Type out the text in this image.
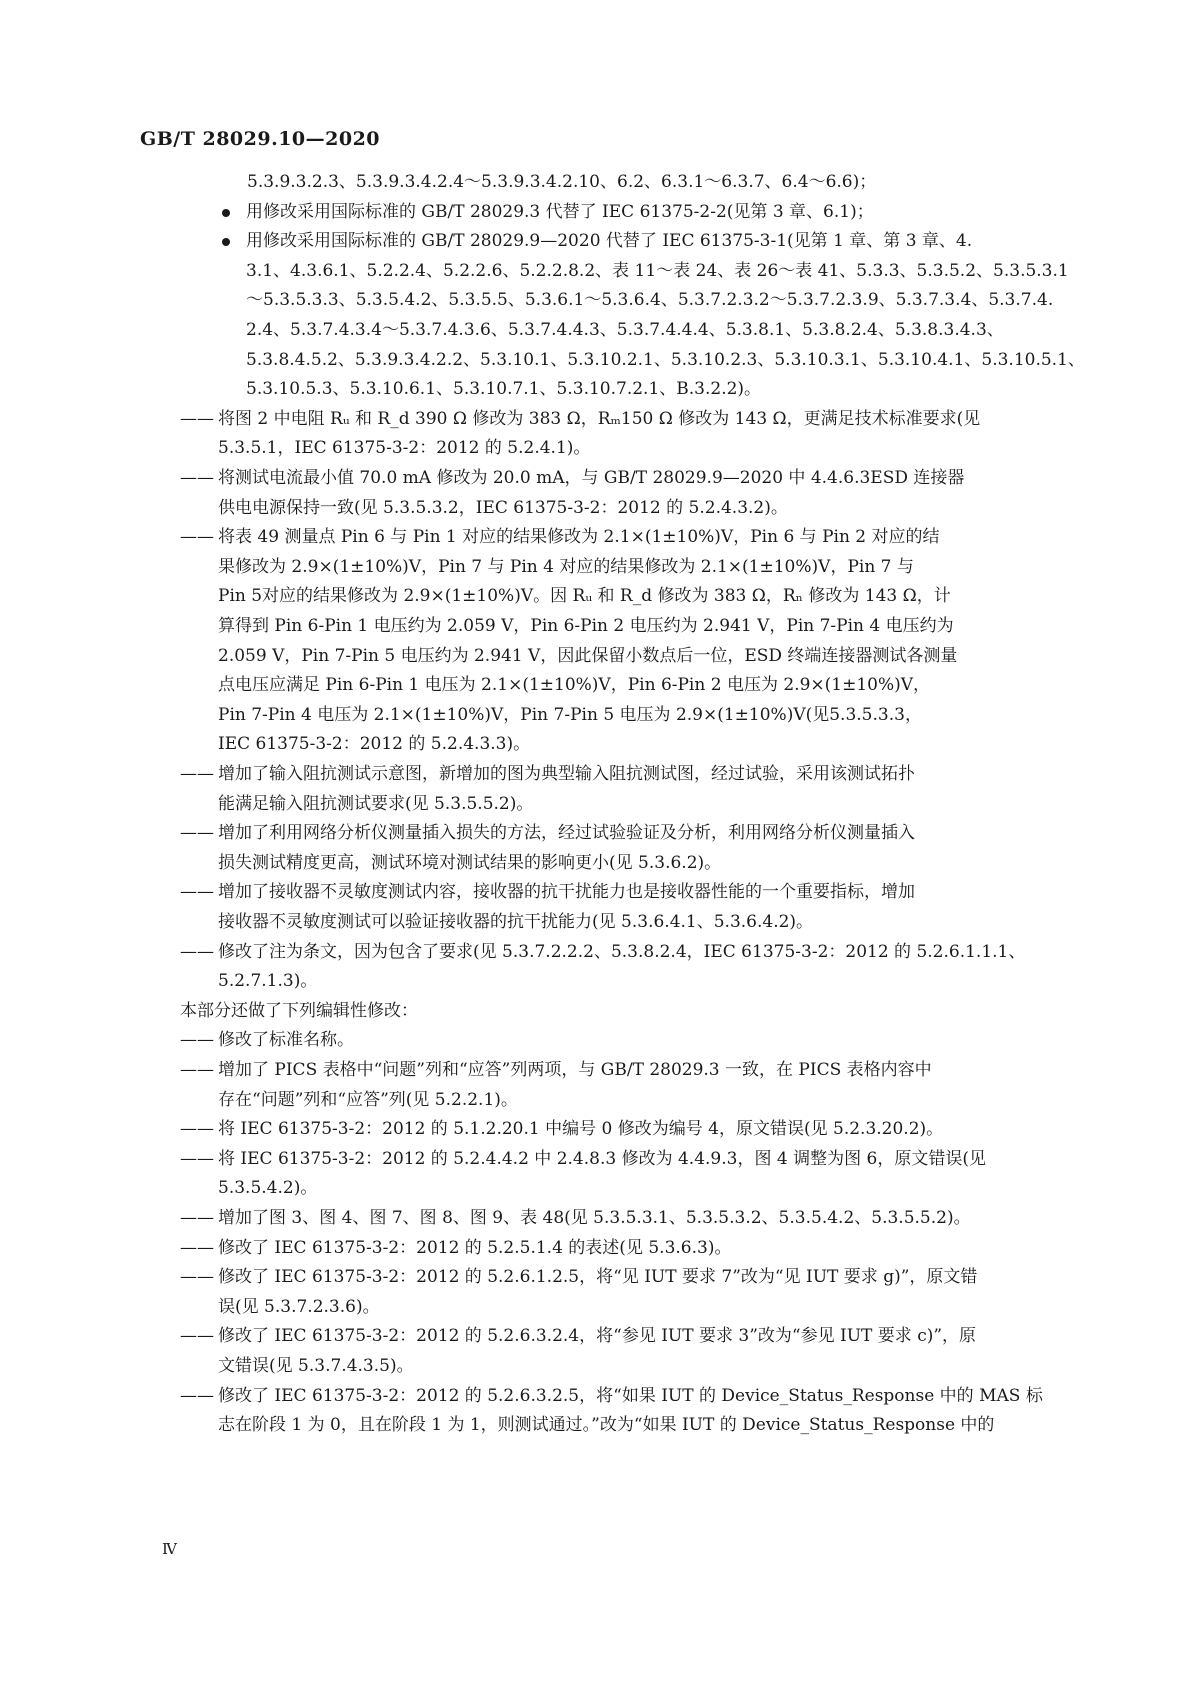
GB/T 28029.10—2020
5.3.9.3.2.3、5.3.9.3.4.2.4～5.3.9.3.4.2.10、6.2、6.3.1～6.3.7、6.4～6.6)；
用修改采用国际标准的 GB/T 28029.3 代替了 IEC 61375-2-2(见第 3 章、6.1)；
用修改采用国际标准的 GB/T 28029.9—2020 代替了 IEC 61375-3-1(见第 1 章、第 3 章、4.
3.1、4.3.6.1、5.2.2.4、5.2.2.6、5.2.2.8.2、表 11～表 24、表 26～表 41、5.3.3、5.3.5.2、5.3.5.3.1
～5.3.5.3.3、5.3.5.4.2、5.3.5.5、5.3.6.1～5.3.6.4、5.3.7.2.3.2～5.3.7.2.3.9、5.3.7.3.4、5.3.7.4.
2.4、5.3.7.4.3.4～5.3.7.4.3.6、5.3.7.4.4.3、5.3.7.4.4.4、5.3.8.1、5.3.8.2.4、5.3.8.3.4.3、
5.3.8.4.5.2、5.3.9.3.4.2.2、5.3.10.1、5.3.10.2.1、5.3.10.2.3、5.3.10.3.1、5.3.10.4.1、5.3.10.5.1、
5.3.10.5.3、5.3.10.6.1、5.3.10.7.1、5.3.10.7.2.1、B.3.2.2)。
—— 将图 2 中电阻 Rᵤ 和 R_d 390 Ω 修改为 383 Ω，Rₘ150 Ω 修改为 143 Ω，更满足技术标准要求(见
5.3.5.1，IEC 61375-3-2：2012 的 5.2.4.1)。
—— 将测试电流最小值 70.0 mA 修改为 20.0 mA，与 GB/T 28029.9—2020 中 4.4.6.3ESD 连接器
供电电源保持一致(见 5.3.5.3.2，IEC 61375-3-2：2012 的 5.2.4.3.2)。
—— 将表 49 测量点 Pin 6 与 Pin 1 对应的结果修改为 2.1×(1±10%)V，Pin 6 与 Pin 2 对应的结
果修改为 2.9×(1±10%)V，Pin 7 与 Pin 4 对应的结果修改为 2.1×(1±10%)V，Pin 7 与
Pin 5对应的结果修改为 2.9×(1±10%)V。因 Rᵤ 和 R_d 修改为 383 Ω，Rₙ 修改为 143 Ω，计
算得到 Pin 6-Pin 1 电压约为 2.059 V，Pin 6-Pin 2 电压约为 2.941 V，Pin 7-Pin 4 电压约为
2.059 V，Pin 7-Pin 5 电压约为 2.941 V，因此保留小数点后一位，ESD 终端连接器测试各测量
点电压应满足 Pin 6-Pin 1 电压为 2.1×(1±10%)V，Pin 6-Pin 2 电压为 2.9×(1±10%)V，
Pin 7-Pin 4 电压为 2.1×(1±10%)V，Pin 7-Pin 5 电压为 2.9×(1±10%)V(见5.3.5.3.3，
IEC 61375-3-2：2012 的 5.2.4.3.3)。
—— 增加了输入阻抗测试示意图，新增加的图为典型输入阻抗测试图，经过试验，采用该测试拓扑
能满足输入阻抗测试要求(见 5.3.5.5.2)。
—— 增加了利用网络分析仪测量插入损失的方法，经过试验验证及分析，利用网络分析仪测量插入
损失测试精度更高，测试环境对测试结果的影响更小(见 5.3.6.2)。
—— 增加了接收器不灵敏度测试内容，接收器的抗干扰能力也是接收器性能的一个重要指标，增加
接收器不灵敏度测试可以验证接收器的抗干扰能力(见 5.3.6.4.1、5.3.6.4.2)。
—— 修改了注为条文，因为包含了要求(见 5.3.7.2.2.2、5.3.8.2.4，IEC 61375-3-2：2012 的 5.2.6.1.1.1、
5.2.7.1.3)。
本部分还做了下列编辑性修改：
—— 修改了标准名称。
—— 增加了 PICS 表格中“问题”列和“应答”列两项，与 GB/T 28029.3 一致，在 PICS 表格内容中
存在“问题”列和“应答”列(见 5.2.2.1)。
—— 将 IEC 61375-3-2：2012 的 5.1.2.20.1 中编号 0 修改为编号 4，原文错误(见 5.2.3.20.2)。
—— 将 IEC 61375-3-2：2012 的 5.2.4.4.2 中 2.4.8.3 修改为 4.4.9.3，图 4 调整为图 6，原文错误(见
5.3.5.4.2)。
—— 增加了图 3、图 4、图 7、图 8、图 9、表 48(见 5.3.5.3.1、5.3.5.3.2、5.3.5.4.2、5.3.5.5.2)。
—— 修改了 IEC 61375-3-2：2012 的 5.2.5.1.4 的表述(见 5.3.6.3)。
—— 修改了 IEC 61375-3-2：2012 的 5.2.6.1.2.5，将“见 IUT 要求 7”改为“见 IUT 要求 g)”，原文错
误(见 5.3.7.2.3.6)。
—— 修改了 IEC 61375-3-2：2012 的 5.2.6.3.2.4，将“参见 IUT 要求 3”改为“参见 IUT 要求 c)”，原
文错误(见 5.3.7.4.3.5)。
—— 修改了 IEC 61375-3-2：2012 的 5.2.6.3.2.5，将“如果 IUT 的 Device_Status_Response 中的 MAS 标
志在阶段 1 为 0，且在阶段 1 为 1，则测试通过。”改为“如果 IUT 的 Device_Status_Response 中的
Ⅳ
